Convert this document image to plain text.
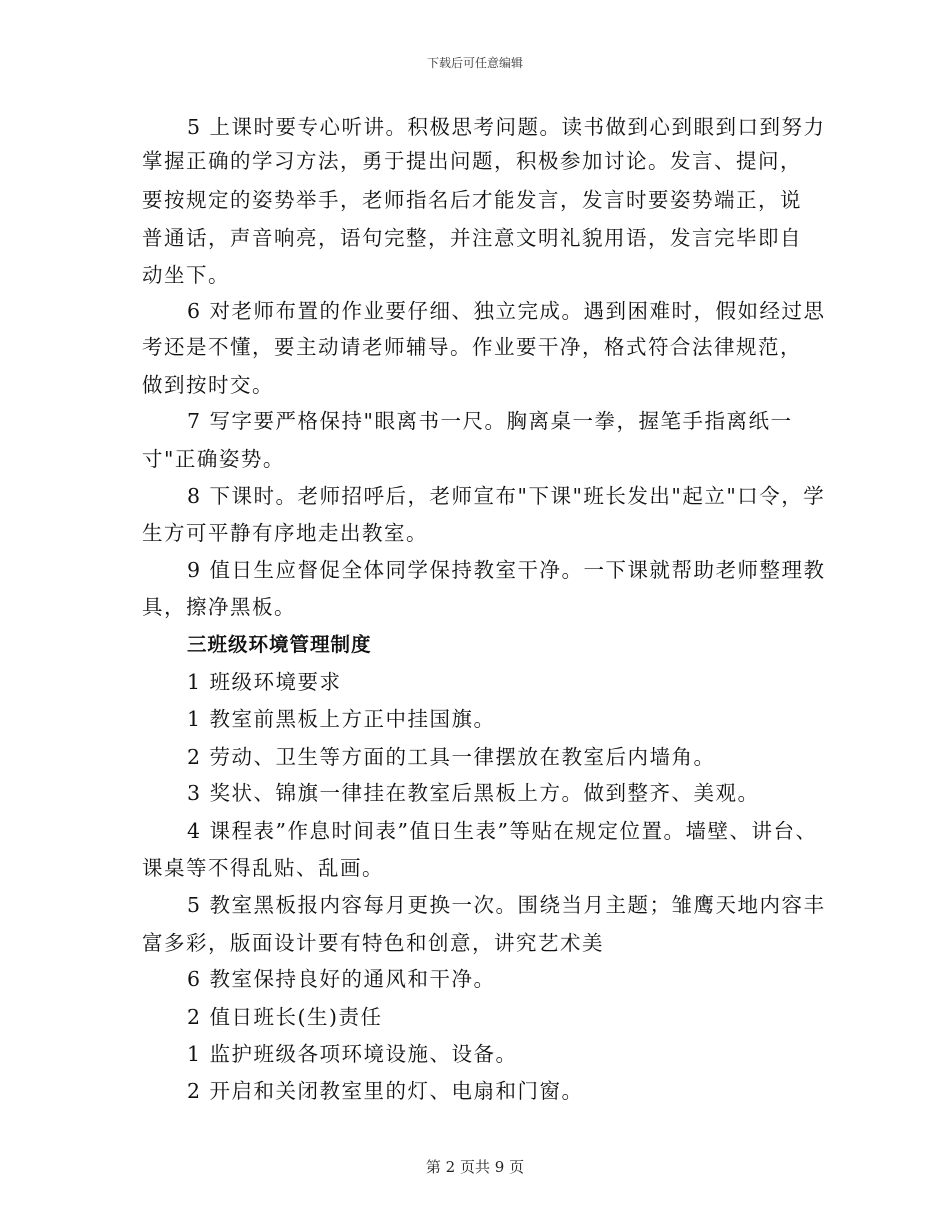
下载后可任意编辑
5 上课时要专心听讲。积极思考问题。读书做到心到眼到口到努力
掌握正确的学习方法，勇于提出问题，积极参加讨论。发言、提问，
要按规定的姿势举手，老师指名后才能发言，发言时要姿势端正，说
普通话，声音响亮，语句完整，并注意文明礼貌用语，发言完毕即自
动坐下。
6 对老师布置的作业要仔细、独立完成。遇到困难时，假如经过思
考还是不懂，要主动请老师辅导。作业要干净，格式符合法律规范，
做到按时交。
7 写字要严格保持"眼离书一尺。胸离桌一拳，握笔手指离纸一
寸"正确姿势。
8 下课时。老师招呼后，老师宣布"下课"班长发出"起立"口令，学
生方可平静有序地走出教室。
9 值日生应督促全体同学保持教室干净。一下课就帮助老师整理教
具，擦净黑板。
三班级环境管理制度
1 班级环境要求
1 教室前黑板上方正中挂国旗。
2 劳动、卫生等方面的工具一律摆放在教室后内墙角。
3 奖状、锦旗一律挂在教室后黑板上方。做到整齐、美观。
4 课程表”作息时间表”值日生表”等贴在规定位置。墙壁、讲台、
课桌等不得乱贴、乱画。
5 教室黑板报内容每月更换一次。围绕当月主题；雏鹰天地内容丰
富多彩，版面设计要有特色和创意，讲究艺术美
6 教室保持良好的通风和干净。
2 值日班长(生)责任
1 监护班级各项环境设施、设备。
2 开启和关闭教室里的灯、电扇和门窗。
第 2 页共 9 页
